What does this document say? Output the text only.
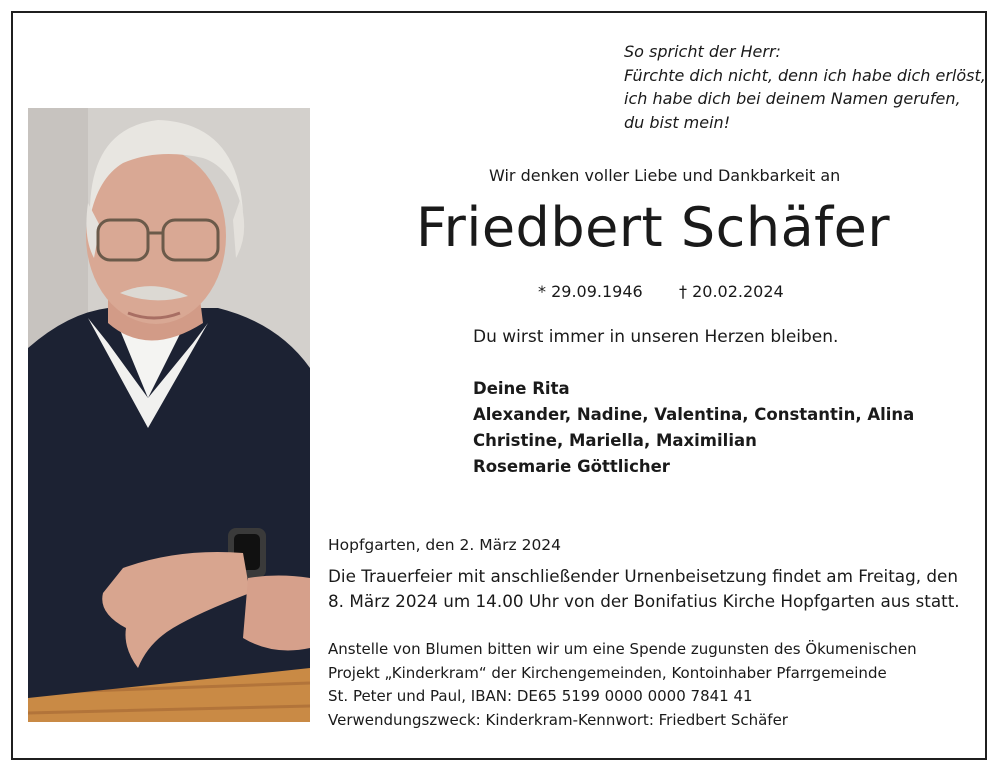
So spricht der Herr:
Fürchte dich nicht, denn ich habe dich erlöst,
ich habe dich bei deinem Namen gerufen,
du bist mein!
Wir denken voller Liebe und Dankbarkeit an
Friedbert Schäfer
* 29.09.1946 † 20.02.2024
Du wirst immer in unseren Herzen bleiben.
Deine Rita
Alexander, Nadine, Valentina, Constantin, Alina
Christine, Mariella, Maximilian
Rosemarie Göttlicher
Hopfgarten, den 2. März 2024
Die Trauerfeier mit anschließender Urnenbeisetzung findet am Freitag, den
8. März 2024 um 14.00 Uhr von der Bonifatius Kirche Hopfgarten aus statt.
Anstelle von Blumen bitten wir um eine Spende zugunsten des Ökumenischen
Projekt „Kinderkram“ der Kirchengemeinden, Kontoinhaber Pfarrgemeinde
St. Peter und Paul, IBAN: DE65 5199 0000 0000 7841 41
Verwendungszweck: Kinderkram-Kennwort: Friedbert Schäfer
